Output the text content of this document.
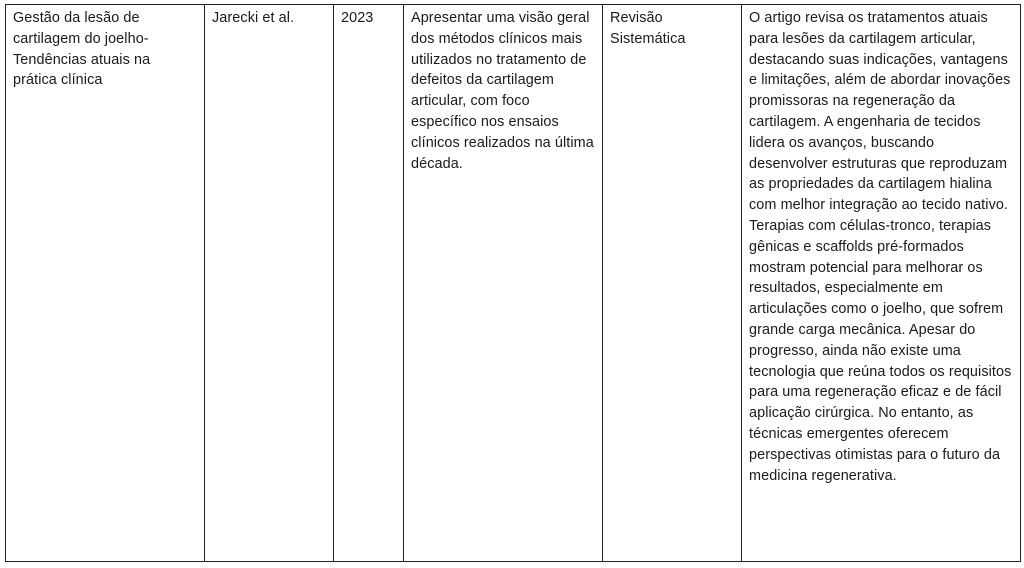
Gestão da lesão de cartilagem do joelho- Tendências atuais na prática clínica	Jarecki et al.	2023	Apresentar uma visão geral dos métodos clínicos mais utilizados no tratamento de defeitos da cartilagem articular, com foco específico nos ensaios clínicos realizados na última década.	Revisão Sistemática	O artigo revisa os tratamentos atuais para lesões da cartilagem articular, destacando suas indicações, vantagens e limitações, além de abordar inovações promissoras na regeneração da cartilagem. A engenharia de tecidos lidera os avanços, buscando desenvolver estruturas que reproduzam as propriedades da cartilagem hialina com melhor integração ao tecido nativo. Terapias com células-tronco, terapias gênicas e scaffolds pré-formados mostram potencial para melhorar os resultados, especialmente em articulações como o joelho, que sofrem grande carga mecânica. Apesar do progresso, ainda não existe uma tecnologia que reúna todos os requisitos para uma regeneração eficaz e de fácil aplicação cirúrgica. No entanto, as técnicas emergentes oferecem perspectivas otimistas para o futuro da medicina regenerativa.
